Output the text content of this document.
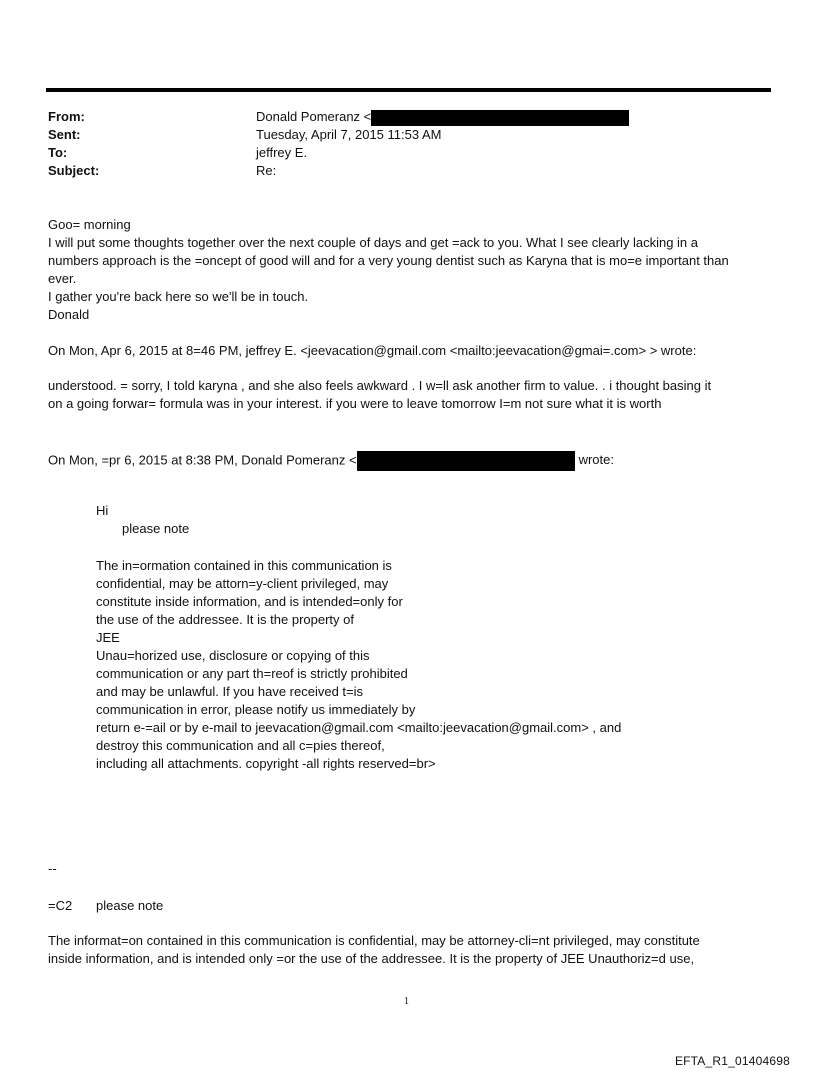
From:	Donald Pomeranz <
Sent:	Tuesday, April 7, 2015 11:53 AM
To:	jeffrey E.
Subject:	Re:
Goo= morning
I will put some thoughts together over the next couple of days and get =ack to you. What I see clearly lacking in a
numbers approach is the =oncept of good will and for a very young dentist such as Karyna that is mo=e important than
ever.
I gather you're back here so we'll be in touch.
Donald
On Mon, Apr 6, 2015 at 8=46 PM, jeffrey E. <jeevacation@gmail.com <mailto:jeevacation@gmai=.com> > wrote:
understood. = sorry, I told karyna , and she also feels awkward . I w=ll ask another firm to value. . i thought basing it
on a going forwar= formula was in your interest. if you were to leave tomorrow I=m not sure what it is worth
On Mon, =pr 6, 2015 at 8:38 PM, Donald Pomeranz <	wrote:
Hi
please note
The in=ormation contained in this communication is
confidential, may be attorn=y-client privileged, may
constitute inside information, and is intended=only for
the use of the addressee. It is the property of
JEE
Unau=horized use, disclosure or copying of this
communication or any part th=reof is strictly prohibited
and may be unlawful. If you have received t=is
communication in error, please notify us immediately by
return e-=ail or by e-mail to jeevacation@gmail.com <mailto:jeevacation@gmail.com> , and
destroy this communication and all c=pies thereof,
including all attachments. copyright -all rights reserved=br>
--
=C2 please note
The informat=on contained in this communication is confidential, may be attorney-cli=nt privileged, may constitute
inside information, and is intended only =or the use of the addressee. It is the property of JEE Unauthoriz=d use,
1
EFTA_R1_01404698
